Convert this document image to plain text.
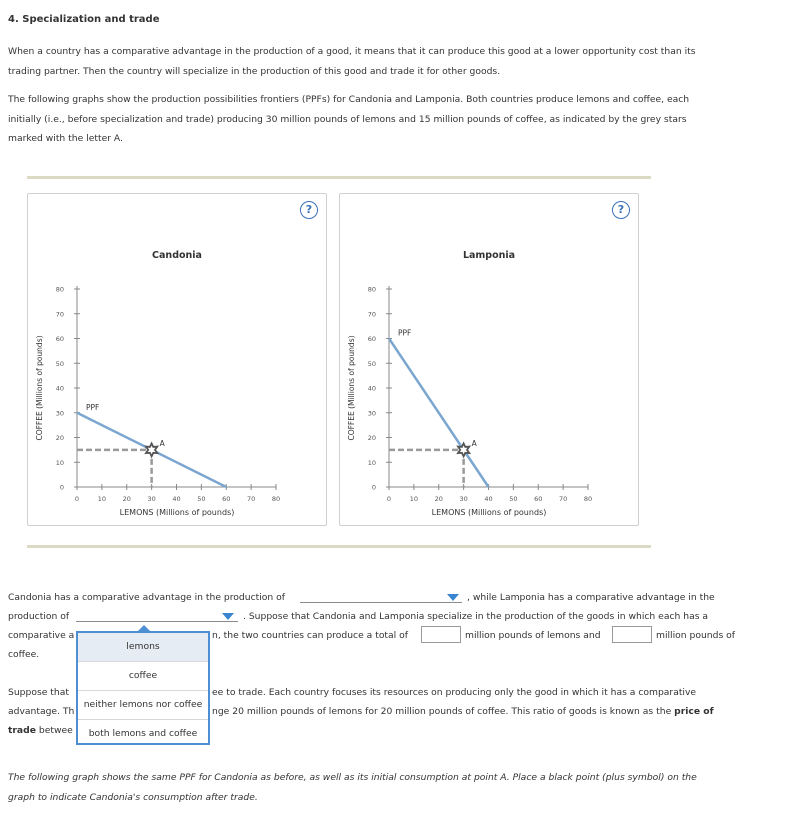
4. Specialization and trade
When a country has a comparative advantage in the production of a good, it means that it can produce this good at a lower opportunity cost than its
trading partner. Then the country will specialize in the production of this good and trade it for other goods.
The following graphs show the production possibilities frontiers (PPFs) for Candonia and Lamponia. Both countries produce lemons and coffee, each
initially (i.e., before specialization and trade) producing 30 million pounds of lemons and 15 million pounds of coffee, as indicated by the grey stars
marked with the letter A.
?
Candonia
0
10
20
30
40
50
60
70
80
0	10	20	30	40	50	60	70	80
LEMONS (Millions of pounds)
COFFEE (Millions of pounds)	PPF
A
?
Lamponia
0
10
20
30
40
50
60
70
80
0	10	20	30	40	50	60	70	80
LEMONS (Millions of pounds)
COFFEE (Millions of pounds)
PPF
A
Candonia has a comparative advantage in the production of	, while Lamponia has a comparative advantage in the
production of	. Suppose that Candonia and Lamponia specialize in the production of the goods in which each has a
comparative a	n, the two countries can produce a total of	million pounds of lemons and	million pounds of
coffee.
Suppose that	ee to trade. Each country focuses its resources on producing only the good in which it has a comparative
advantage. Th	nge 20 million pounds of lemons for 20 million pounds of coffee. This ratio of goods is known as the price of
trade betwee
lemons
coffee
neither lemons nor coffee
both lemons and coffee
The following graph shows the same PPF for Candonia as before, as well as its initial consumption at point A. Place a black point (plus symbol) on the
graph to indicate Candonia's consumption after trade.
